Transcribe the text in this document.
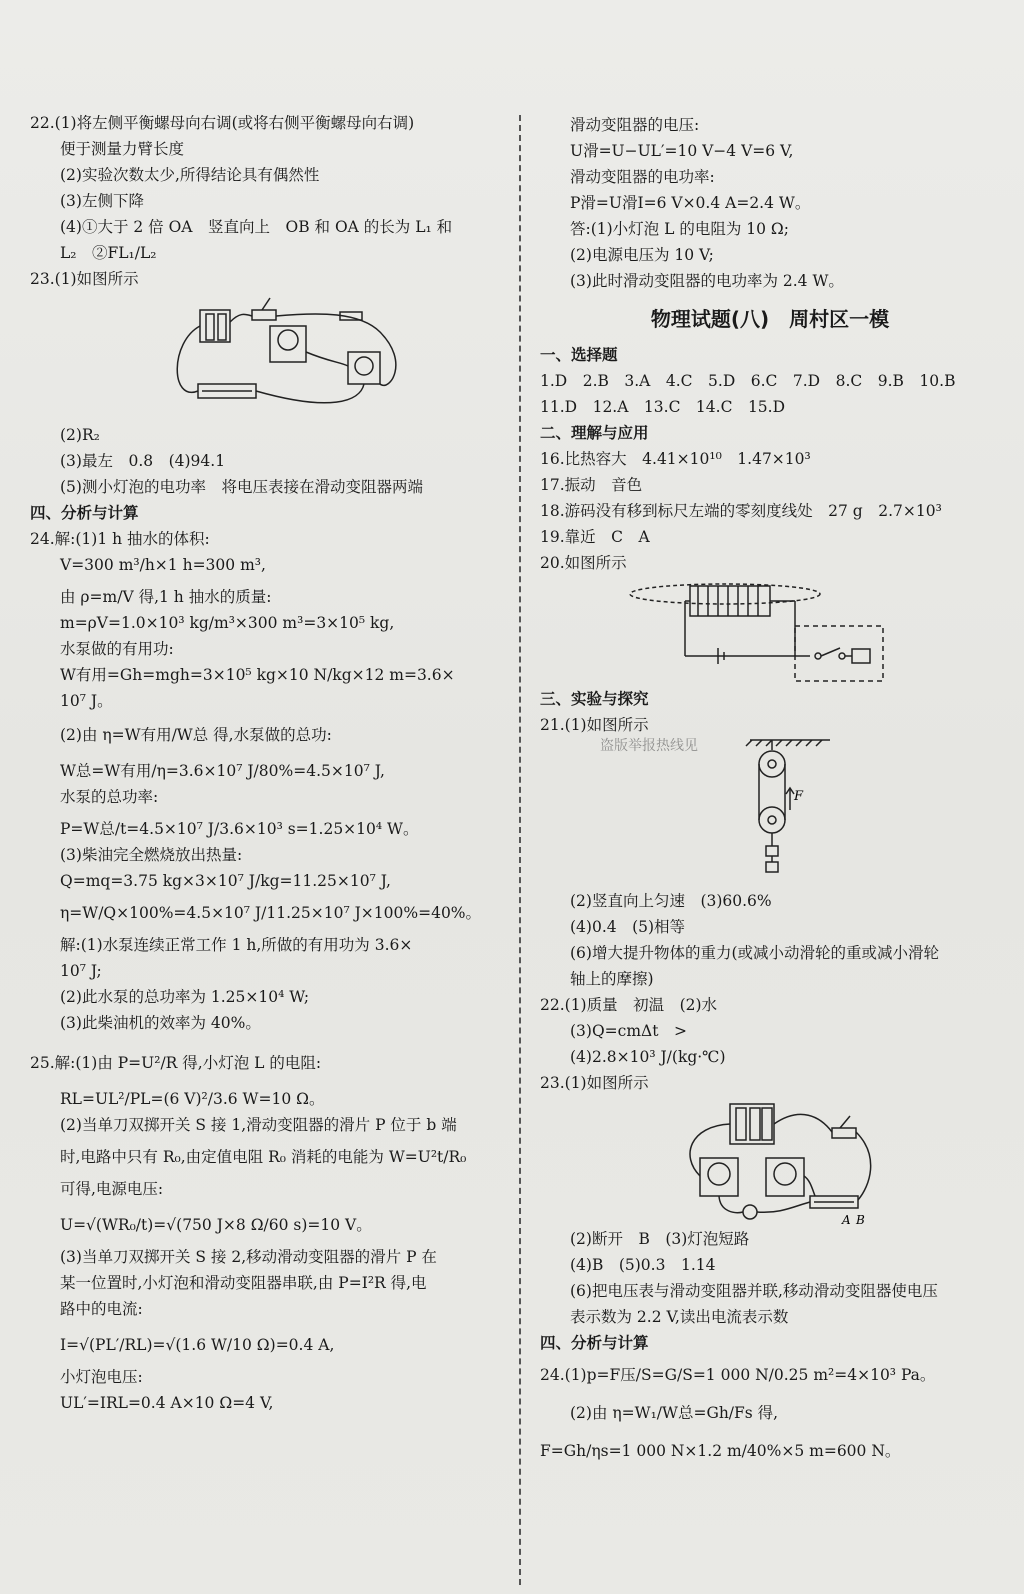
22.(1)将左侧平衡螺母向右调(或将右侧平衡螺母向右调)
便于测量力臂长度
(2)实验次数太少,所得结论具有偶然性
(3)左侧下降
(4)①大于 2 倍 OA　竖直向上　OB 和 OA 的长为 L₁ 和
L₂　②FL₁/L₂
23.(1)如图所示
(2)R₂
(3)最左　0.8　(4)94.1
(5)测小灯泡的电功率　将电压表接在滑动变阻器两端
四、分析与计算
24.解:(1)1 h 抽水的体积:
V=300 m³/h×1 h=300 m³,
由 ρ=m/V 得,1 h 抽水的质量:
m=ρV=1.0×10³ kg/m³×300 m³=3×10⁵ kg,
水泵做的有用功:
W有用=Gh=mgh=3×10⁵ kg×10 N/kg×12 m=3.6×
10⁷ J。
(2)由 η=W有用/W总 得,水泵做的总功:
W总=W有用/η=3.6×10⁷ J/80%=4.5×10⁷ J,
水泵的总功率:
P=W总/t=4.5×10⁷ J/3.6×10³ s=1.25×10⁴ W。
(3)柴油完全燃烧放出热量:
Q=mq=3.75 kg×3×10⁷ J/kg=11.25×10⁷ J,
η=W/Q×100%=4.5×10⁷ J/11.25×10⁷ J×100%=40%。
解:(1)水泵连续正常工作 1 h,所做的有用功为 3.6×
10⁷ J;
(2)此水泵的总功率为 1.25×10⁴ W;
(3)此柴油机的效率为 40%。
25.解:(1)由 P=U²/R 得,小灯泡 L 的电阻:
RL=UL²/PL=(6 V)²/3.6 W=10 Ω。
(2)当单刀双掷开关 S 接 1,滑动变阻器的滑片 P 位于 b 端
时,电路中只有 R₀,由定值电阻 R₀ 消耗的电能为 W=U²t/R₀
可得,电源电压:
U=√(WR₀/t)=√(750 J×8 Ω/60 s)=10 V。
(3)当单刀双掷开关 S 接 2,移动滑动变阻器的滑片 P 在
某一位置时,小灯泡和滑动变阻器串联,由 P=I²R 得,电
路中的电流:
I=√(PL′/RL)=√(1.6 W/10 Ω)=0.4 A,
小灯泡电压:
UL′=IRL=0.4 A×10 Ω=4 V,
滑动变阻器的电压:
U滑=U−UL′=10 V−4 V=6 V,
滑动变阻器的电功率:
P滑=U滑I=6 V×0.4 A=2.4 W。
答:(1)小灯泡 L 的电阻为 10 Ω;
(2)电源电压为 10 V;
(3)此时滑动变阻器的电功率为 2.4 W。
物理试题(八)　周村区一模
一、选择题
1.D　2.B　3.A　4.C　5.D　6.C　7.D　8.C　9.B　10.B
11.D　12.A　13.C　14.C　15.D
二、理解与应用
16.比热容大　4.41×10¹⁰　1.47×10³
17.振动　音色
18.游码没有移到标尺左端的零刻度线处　27 g　2.7×10³
19.靠近　C　A
20.如图所示
三、实验与探究
21.(1)如图所示
F
(2)竖直向上匀速　(3)60.6%
(4)0.4　(5)相等
(6)增大提升物体的重力(或减小动滑轮的重或减小滑轮
轴上的摩擦)
22.(1)质量　初温　(2)水
(3)Q=cmΔt　>
(4)2.8×10³ J/(kg·℃)
23.(1)如图所示
A B
(2)断开　B　(3)灯泡短路
(4)B　(5)0.3　1.14
(6)把电压表与滑动变阻器并联,移动滑动变阻器使电压
表示数为 2.2 V,读出电流表示数
四、分析与计算
24.(1)p=F压/S=G/S=1 000 N/0.25 m²=4×10³ Pa。
(2)由 η=W₁/W总=Gh/Fs 得,
F=Gh/ηs=1 000 N×1.2 m/40%×5 m=600 N。
盗版举报热线见
